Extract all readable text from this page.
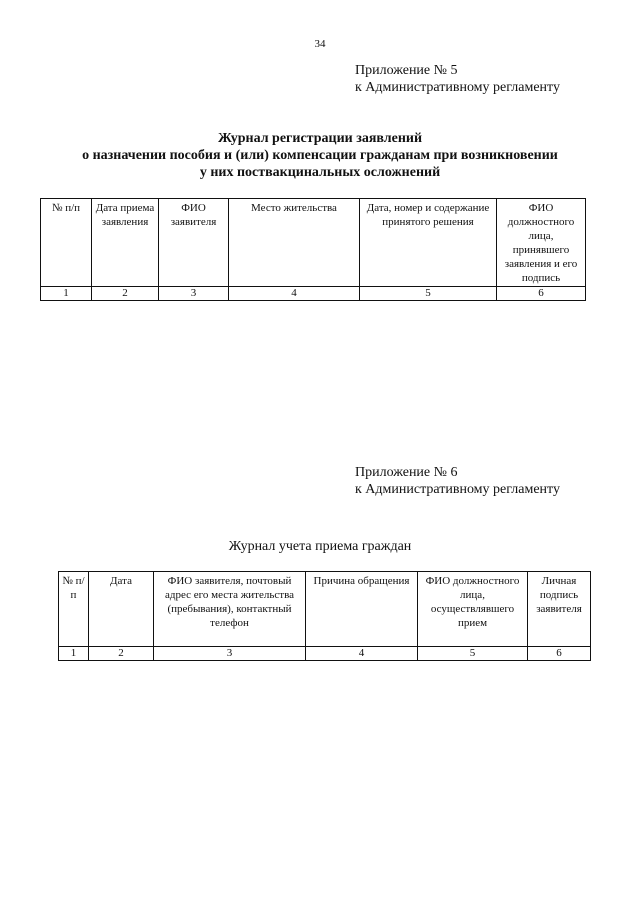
34
Приложение № 5
к Административному регламенту
Журнал регистрации заявлений
о назначении пособия и (или) компенсации гражданам при возникновении
у них поствакцинальных осложнений
№ п/п	Дата приема заявления	ФИО заявителя	Место жительства	Дата, номер и содержание принятого решения	ФИО должностного лица, принявшего заявления и его подпись
1	2	3	4	5	6
Приложение № 6
к Административному регламенту
Журнал учета приема граждан
№ п/п	Дата	ФИО заявителя, почтовый адрес его места жительства (пребывания), контактный телефон	Причина обращения	ФИО должностного лица, осуществлявшего прием	Личная подпись заявителя
1	2	3	4	5	6
